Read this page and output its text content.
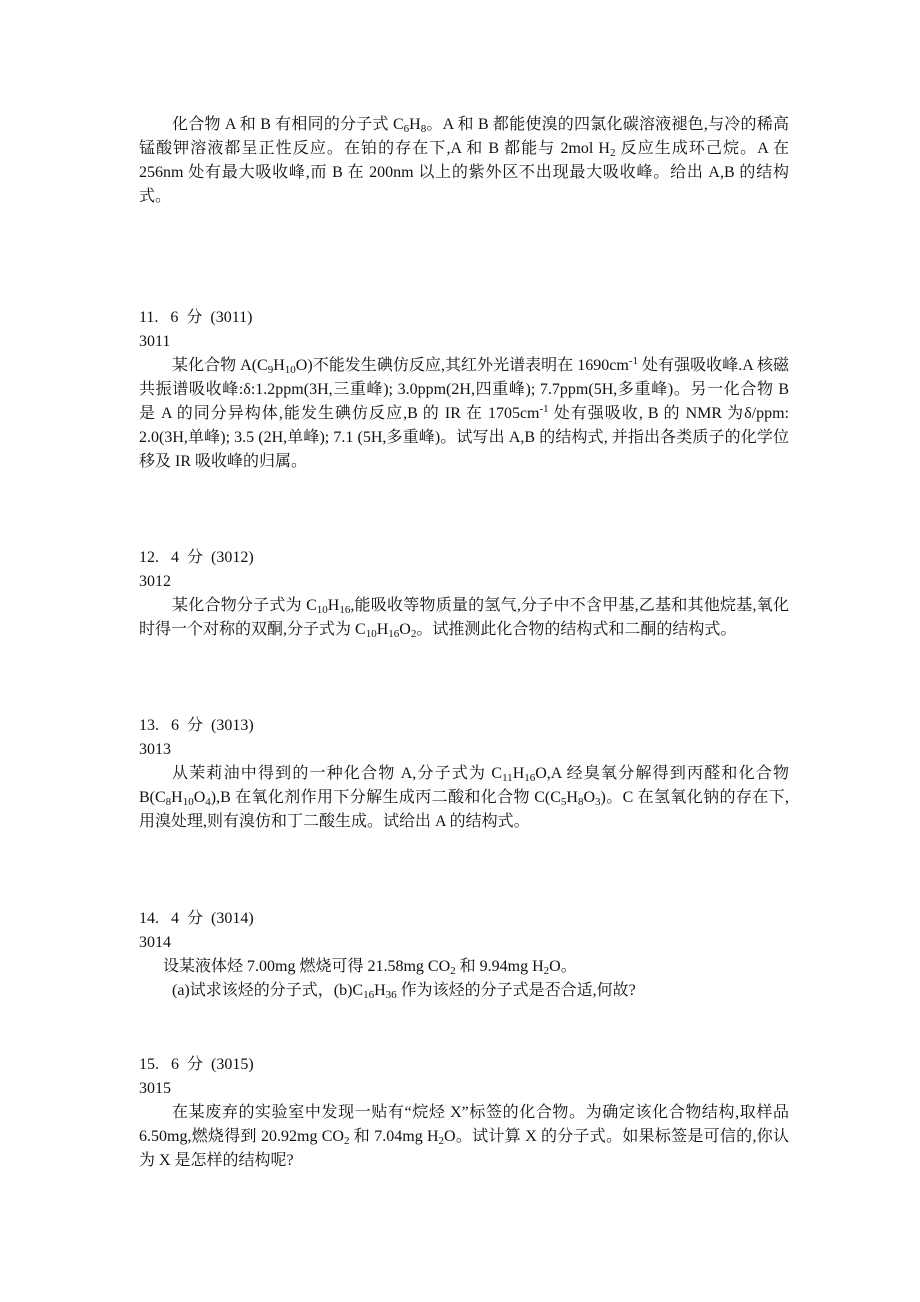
化合物 A 和 B 有相同的分子式 $C_6H_8$。A 和 B 都能使溴的四氯化碳溶液褪色,与冷的稀高锰酸钾溶液都呈正性反应。在铂的存在下,A 和 B 都能与 2mol $H_2$ 反应生成环己烷。A 在 256nm 处有最大吸收峰,而 B 在 200nm 以上的紫外区不出现最大吸收峰。给出 A,B 的结构式。

11.   6  分  (3011)

3011

某化合物 $A(C_9H_{10}O)$不能发生碘仿反应,其红外光谱表明在 $1690cm^{-1}$ 处有强吸收峰.A 核磁共振谱吸收峰:δ:1.2ppm(3H,三重峰); 3.0ppm(2H,四重峰); 7.7ppm(5H,多重峰)。另一化合物 B 是 A 的同分异构体,能发生碘仿反应,B 的 IR 在 $1705cm^{-1}$ 处有强吸收, B 的 NMR 为δ/ppm: 2.0(3H,单峰); 3.5 (2H,单峰); 7.1 (5H,多重峰)。试写出 A,B 的结构式, 并指出各类质子的化学位移及 IR 吸收峰的归属。

12.   4  分  (3012)

3012

某化合物分子式为 $C_{10}H_{16}$,能吸收等物质量的氢气,分子中不含甲基,乙基和其他烷基,氧化时得一个对称的双酮,分子式为 $C_{10}H_{16}O_2$。试推测此化合物的结构式和二酮的结构式。

13.   6  分  (3013)

3013

从茉莉油中得到的一种化合物 A,分子式为 $C_{11}H_{16}O,A$ 经臭氧分解得到丙醛和化合物 $B(C_8H_{10}O_4),B$ 在氧化剂作用下分解生成丙二酸和化合物 $C(C_5H_8O_3)$。C 在氢氧化钠的存在下,用溴处理,则有溴仿和丁二酸生成。试给出 A 的结构式。

14.   4  分  (3014)

3014

设某液体烃 7.00mg 燃烧可得 21.58mg $CO_2$ 和 9.94mg $H_2O$。

(a)试求该烃的分子式，$(b)C_{16}H_{36}$ 作为该烃的分子式是否合适,何故?

15.   6  分  (3015)

3015

在某废弃的实验室中发现一贴有“烷烃 X”标签的化合物。为确定该化合物结构,取样品 6.50mg,燃烧得到 20.92mg $CO_2$ 和 7.04mg $H_2O$。试计算 X 的分子式。如果标签是可信的,你认为 X 是怎样的结构呢?
